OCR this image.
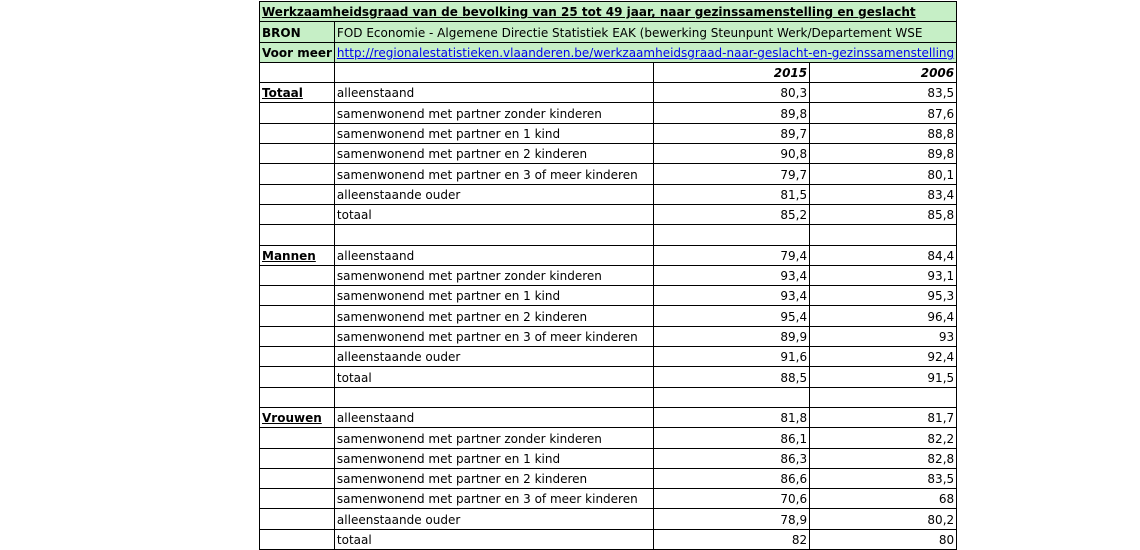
Werkzaamheidsgraad van de bevolking van 25 tot 49 jaar, naar gezinssamenstelling en geslacht			
BRON	FOD Economie - Algemene Directie Statistiek EAK (bewerking Steunpunt Werk/Departement WSE		
Voor meer	http://regionalestatistieken.vlaanderen.be/werkzaamheidsgraad-naar-geslacht-en-gezinssamenstelling		
		2015	2006
Totaal	alleenstaand	80,3	83,5
	samenwonend met partner zonder kinderen	89,8	87,6
	samenwonend met partner en 1 kind	89,7	88,8
	samenwonend met partner en 2 kinderen	90,8	89,8
	samenwonend met partner en 3 of meer kinderen	79,7	80,1
	alleenstaande ouder	81,5	83,4
	totaal	85,2	85,8

Mannen	alleenstaand	79,4	84,4
	samenwonend met partner zonder kinderen	93,4	93,1
	samenwonend met partner en 1 kind	93,4	95,3
	samenwonend met partner en 2 kinderen	95,4	96,4
	samenwonend met partner en 3 of meer kinderen	89,9	93
	alleenstaande ouder	91,6	92,4
	totaal	88,5	91,5

Vrouwen	alleenstaand	81,8	81,7
	samenwonend met partner zonder kinderen	86,1	82,2
	samenwonend met partner en 1 kind	86,3	82,8
	samenwonend met partner en 2 kinderen	86,6	83,5
	samenwonend met partner en 3 of meer kinderen	70,6	68
	alleenstaande ouder	78,9	80,2
	totaal	82	80
